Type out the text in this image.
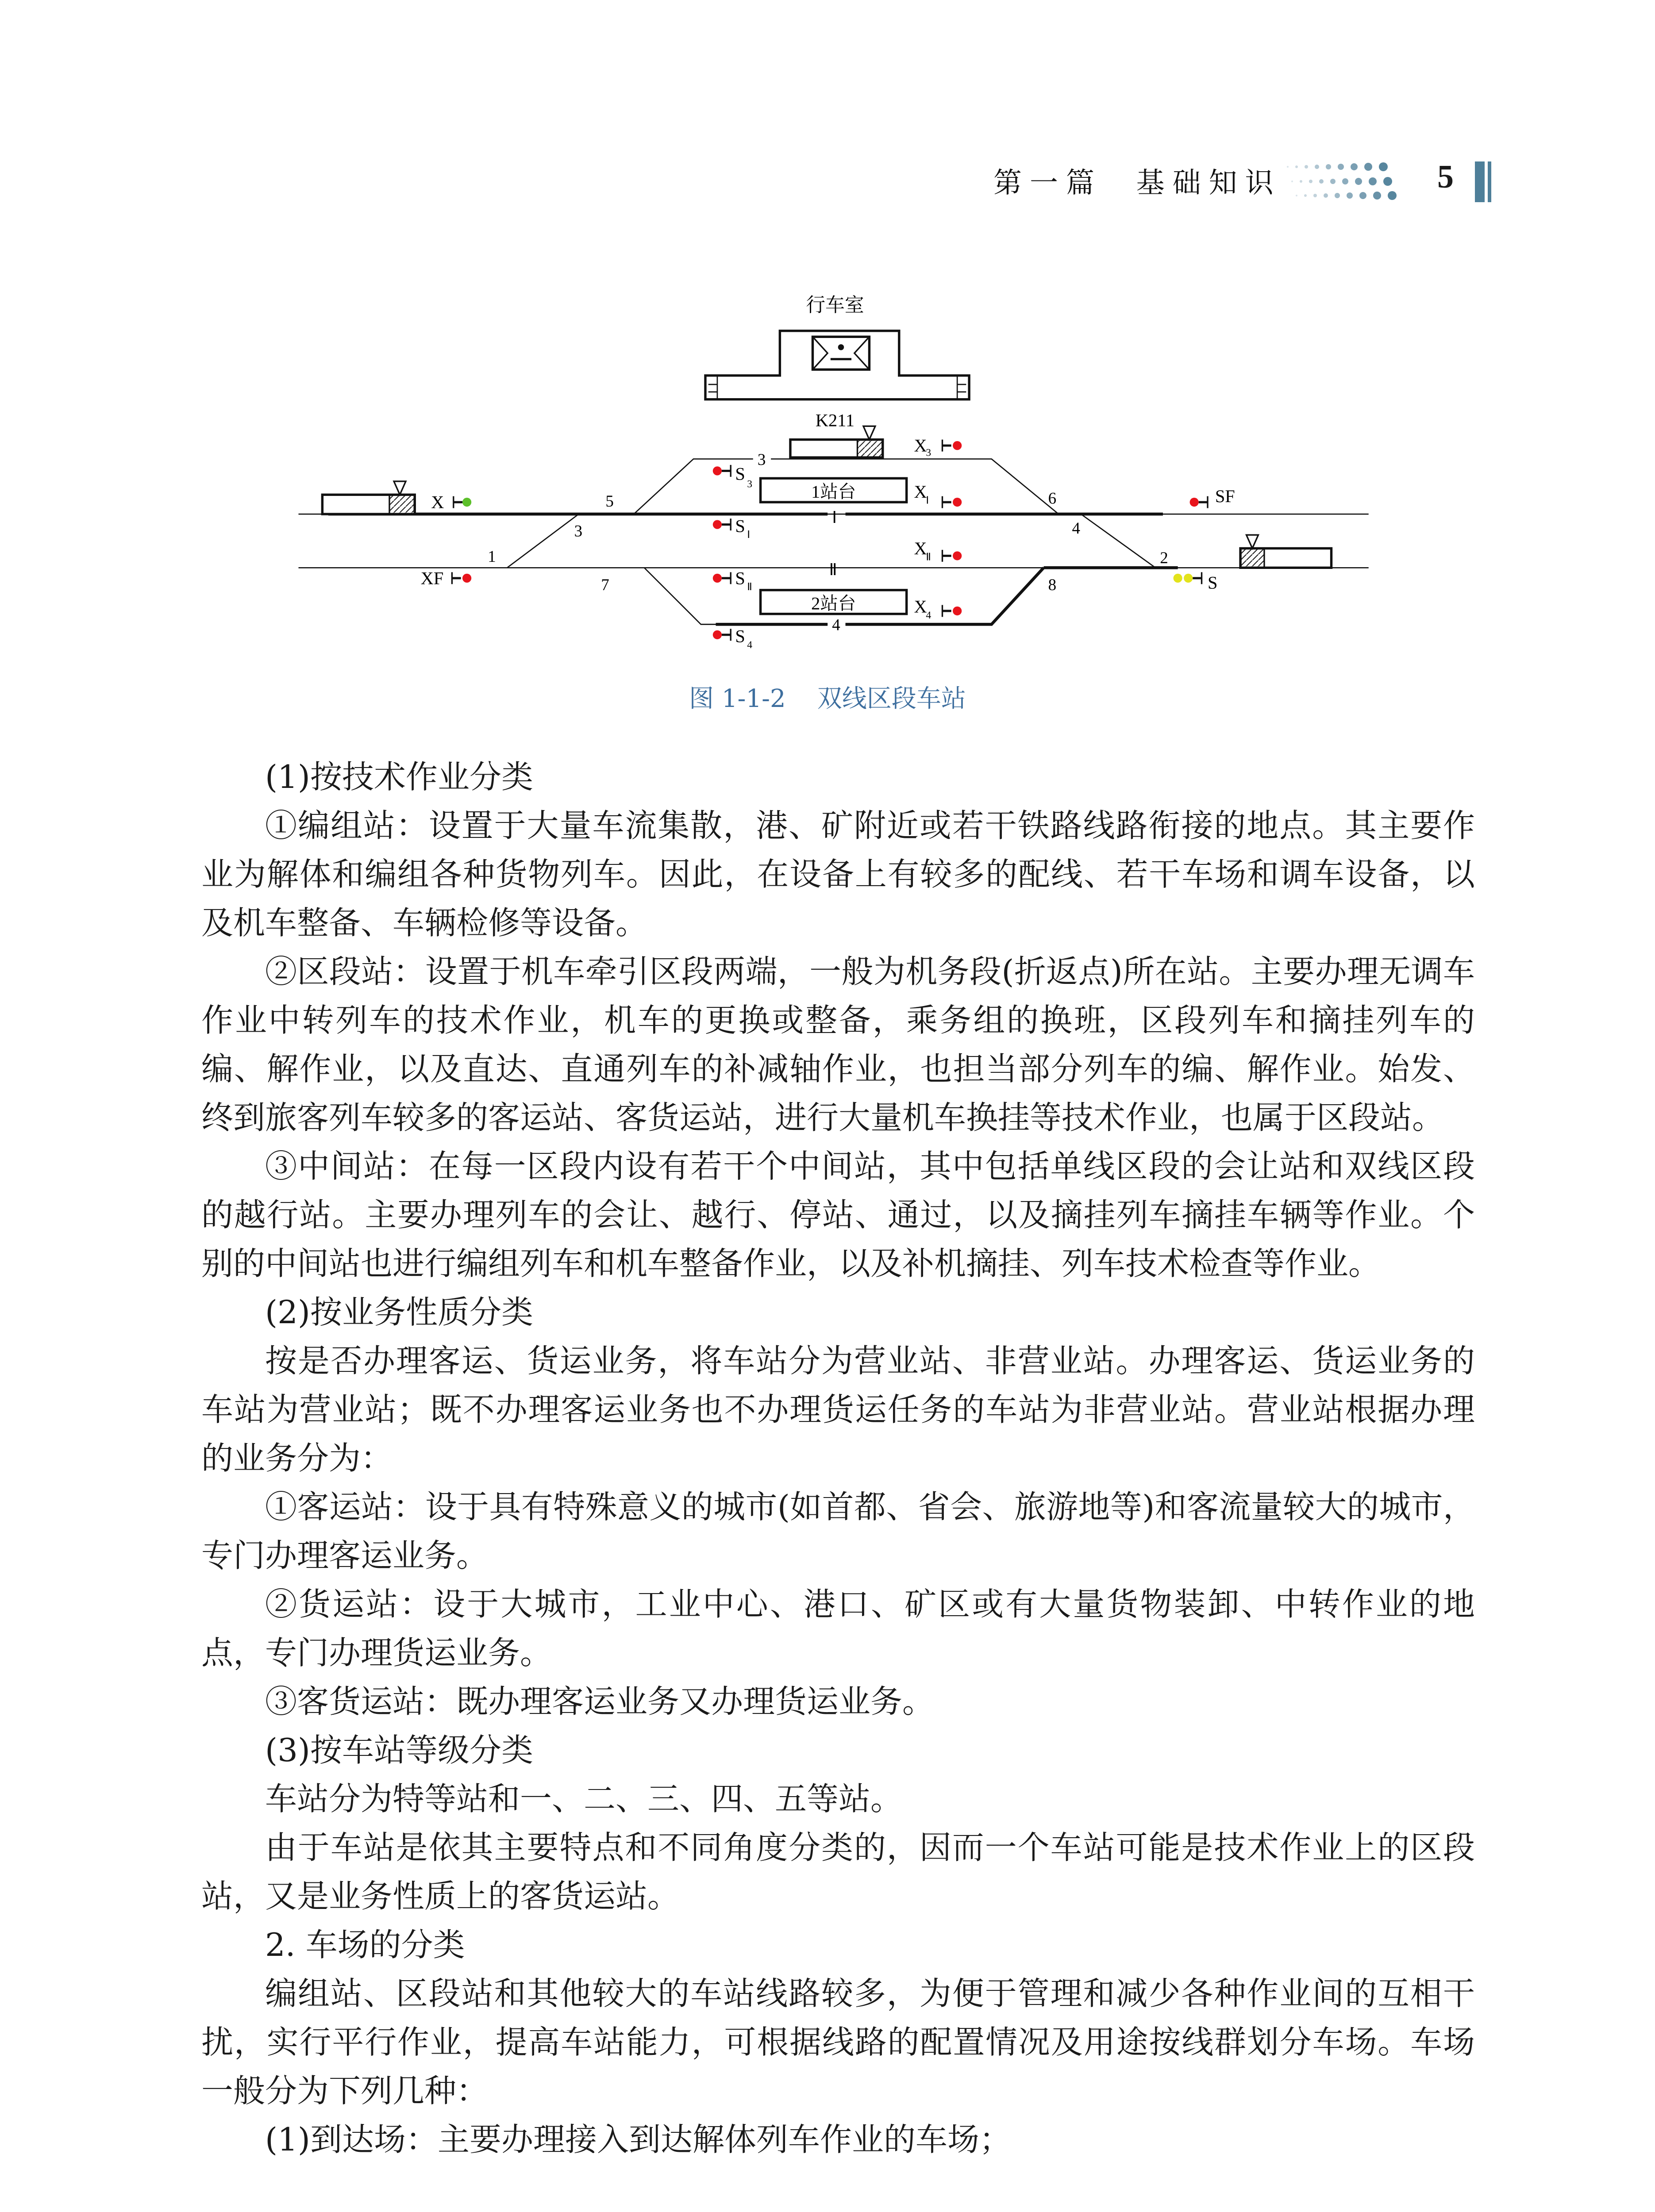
第一篇  基础知识	5
行车室
1站台
2站台
K211
5
3
1
7
6
4
2
8
Ⅰ
Ⅱ
3
4
X
XF
S
3
S Ⅰ
S Ⅱ
S 4
X
3
X
Ⅰ
X
Ⅱ
X
4
SF
S
图 1-1-2    双线区段车站

(1)按技术作业分类

①编组站：设置于大量车流集散，港、矿附近或若干铁路线路衔接的地点。其主要作业为解体和编组各种货物列车。因此，在设备上有较多的配线、若干车场和调车设备，以及机车整备、车辆检修等设备。

②区段站：设置于机车牵引区段两端，一般为机务段(折返点)所在站。主要办理无调车作业中转列车的技术作业，机车的更换或整备，乘务组的换班，区段列车和摘挂列车的编、解作业，以及直达、直通列车的补减轴作业，也担当部分列车的编、解作业。始发、终到旅客列车较多的客运站、客货运站，进行大量机车换挂等技术作业，也属于区段站。

③中间站：在每一区段内设有若干个中间站，其中包括单线区段的会让站和双线区段的越行站。主要办理列车的会让、越行、停站、通过，以及摘挂列车摘挂车辆等作业。个别的中间站也进行编组列车和机车整备作业，以及补机摘挂、列车技术检查等作业。

(2)按业务性质分类

按是否办理客运、货运业务，将车站分为营业站、非营业站。办理客运、货运业务的车站为营业站；既不办理客运业务也不办理货运任务的车站为非营业站。营业站根据办理的业务分为：

①客运站：设于具有特殊意义的城市(如首都、省会、旅游地等)和客流量较大的城市，专门办理客运业务。

②货运站：设于大城市，工业中心、港口、矿区或有大量货物装卸、中转作业的地点，专门办理货运业务。

③客货运站：既办理客运业务又办理货运业务。

(3)按车站等级分类

车站分为特等站和一、二、三、四、五等站。

由于车站是依其主要特点和不同角度分类的，因而一个车站可能是技术作业上的区段站，又是业务性质上的客货运站。

2. 车场的分类

编组站、区段站和其他较大的车站线路较多，为便于管理和减少各种作业间的互相干扰，实行平行作业，提高车站能力，可根据线路的配置情况及用途按线群划分车场。车场一般分为下列几种：

(1)到达场：主要办理接入到达解体列车作业的车场；
